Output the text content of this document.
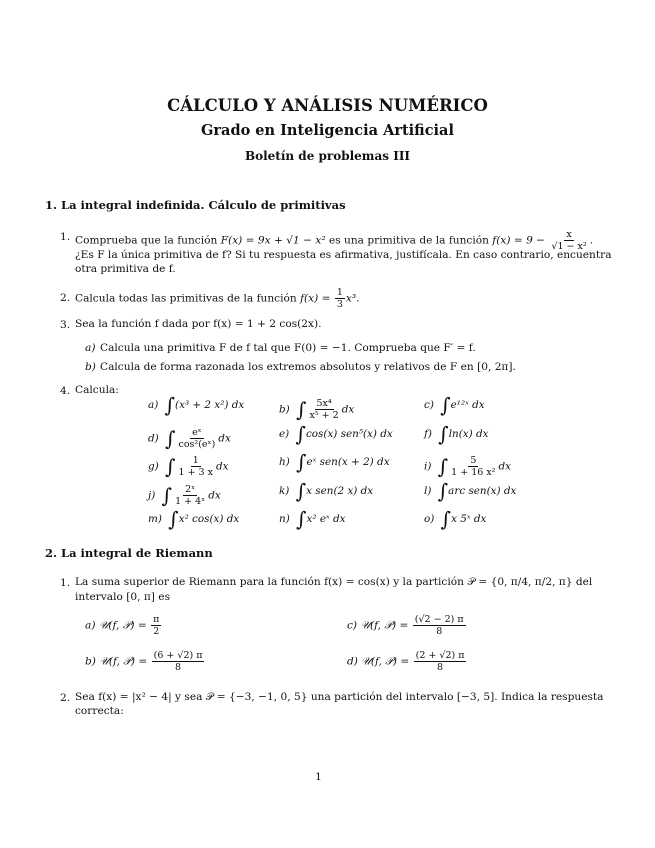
CÁLCULO Y ANÁLISIS NUMÉRICO
Grado en Inteligencia Artificial
Boletín de problemas III
1. La integral indefinida. Cálculo de primitivas
1. Comprueba que la función F(x) = 9x + √1 − x² es una primitiva de la función $f(x) = 9 - \frac{x}{\text{√1 − x²}}$ .
¿Es F la única primitiva de f? Si tu respuesta es afirmativa, justifícala. En caso contrario, encuentra
otra primitiva de f.
2. Calcula todas las primitivas de la función $f(x) = \frac{1}{3} x^3$.
3. Sea la función f dada por f(x) = 1 + 2 cos(2x).
a) Calcula una primitiva F de f tal que F(0) = −1. Comprueba que F′ = f.
b) Calcula de forma razonada los extremos absolutos y relativos de F en [0, 2π].
4. Calcula:
a) ∫(x³ + 2 x²) dx	b) ∫ $\frac{\text{5x⁴}}{\text{x⁵ + 2}}$ dx	c) ∫e¹²ˣ dx
d) ∫ $\frac{\text{eˣ}}{\text{cos²(eˣ)}}$ dx	e) ∫cos(x) sen⁵(x) dx	f) ∫ln(x) dx
g) ∫ $\frac{1}{1 + 3 x}$ dx	h) ∫eˣ sen(x + 2) dx	i) ∫ $\frac{5}{\text{1 + 16 x²}}$ dx
j) ∫ $\frac{\text{2ˣ}}{\text{1 + 4ˣ}}$ dx	k) ∫x sen(2 x) dx	l) ∫arc sen(x) dx
m) ∫x² cos(x) dx	n) ∫x² eˣ dx	o) ∫x 5ˣ dx
2. La integral de Riemann
1. La suma superior de Riemann para la función f(x) = cos(x) y la partición 𝒫 = {0, π/4, π/2, π} del
intervalo [0, π] es
a) 𝒰(f, 𝒫) = $\frac{\pi}{2}$
b) 𝒰(f, 𝒫) = $\frac{(6 + √2) \pi}{8}$
c) 𝒰(f, 𝒫) = $\frac{(√2 - 2) \pi}{8}$
d) 𝒰(f, 𝒫) = $\frac{(2 + √2) \pi}{8}$
2. Sea f(x) = |x² − 4| y sea 𝒫 = {−3, −1, 0, 5} una partición del intervalo [−3, 5]. Indica la respuesta
correcta:
1
